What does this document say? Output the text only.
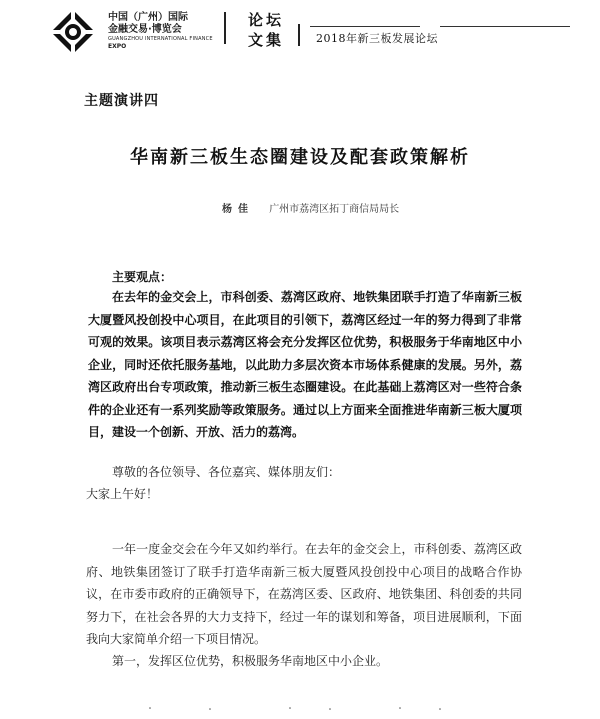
中国（广州）国际
金融交易·博览会
GUANGZHOU INTERNATIONAL FINANCE
EXPO
论坛
文集	2018年新三板发展论坛
主题演讲四
华南新三板生态圈建设及配套政策解析
杨佳 广州市荔湾区拓丁商信局局长
主要观点：
在去年的金交会上，市科创委、荔湾区政府、地铁集团联手打造了华南新三板大厦暨风投创投中心项目，在此项目的引领下，荔湾区经过一年的努力得到了非常可观的效果。该项目表示荔湾区将会充分发挥区位优势，积极服务于华南地区中小企业，同时还依托服务基地，以此助力多层次资本市场体系健康的发展。另外，荔湾区政府出台专项政策，推动新三板生态圈建设。在此基础上荔湾区对一些符合条件的企业还有一系列奖励等政策服务。通过以上方面来全面推进华南新三板大厦项目，建设一个创新、开放、活力的荔湾。
尊敬的各位领导、各位嘉宾、媒体朋友们：
大家上午好！
一年一度金交会在今年又如约举行。在去年的金交会上，市科创委、荔湾区政府、地铁集团签订了联手打造华南新三板大厦暨风投创投中心项目的战略合作协议，在市委市政府的正确领导下，在荔湾区委、区政府、地铁集团、科创委的共同努力下，在社会各界的大力支持下，经过一年的谋划和筹备，项目进展顺利，下面我向大家简单介绍一下项目情况。
第一，发挥区位优势，积极服务华南地区中小企业。
